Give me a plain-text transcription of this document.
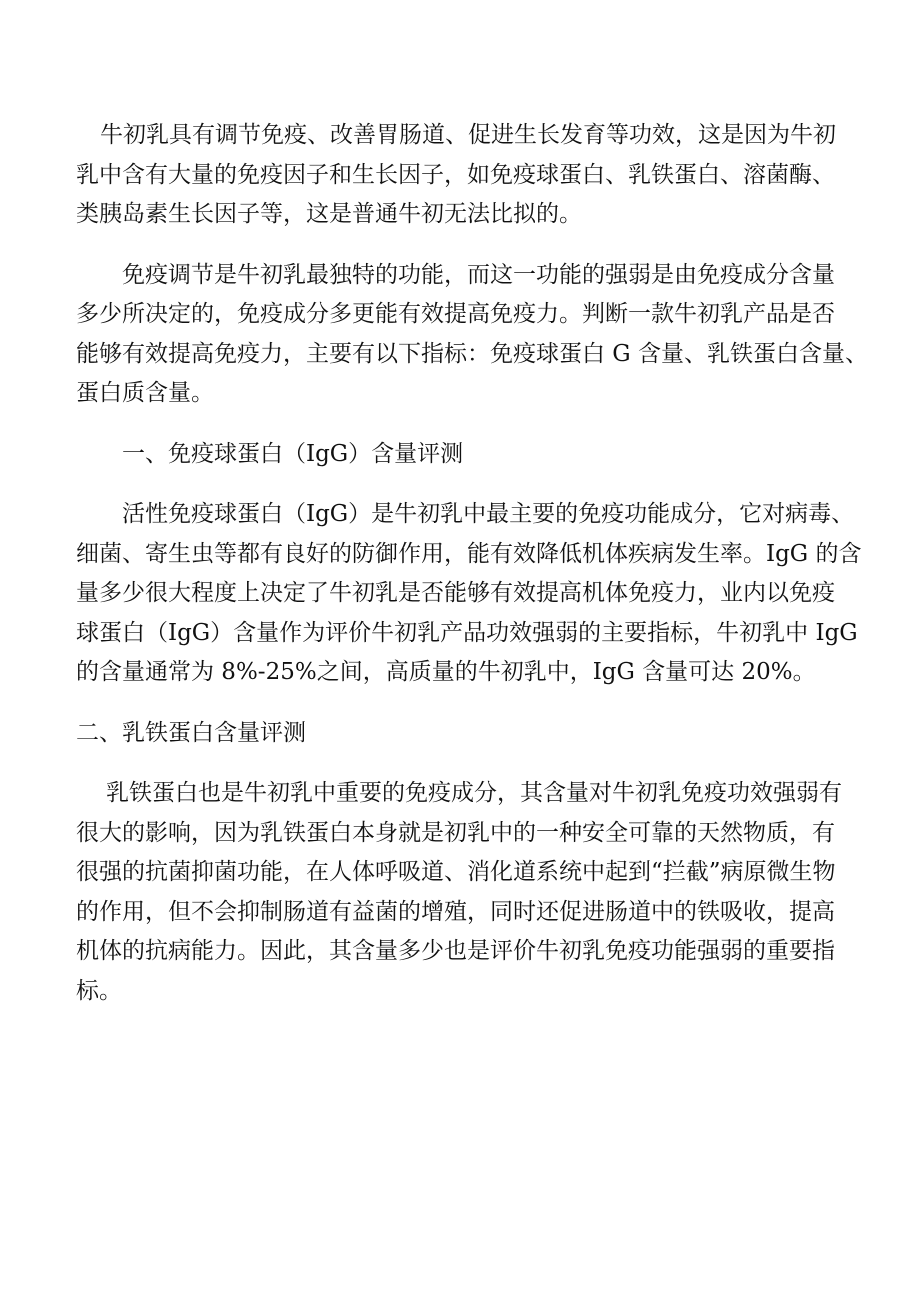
牛初乳具有调节免疫、改善胃肠道、促进生长发育等功效，这是因为牛初
乳中含有大量的免疫因子和生长因子，如免疫球蛋白、乳铁蛋白、溶菌酶、
类胰岛素生长因子等，这是普通牛初无法比拟的。
免疫调节是牛初乳最独特的功能，而这一功能的强弱是由免疫成分含量
多少所决定的，免疫成分多更能有效提高免疫力。判断一款牛初乳产品是否
能够有效提高免疫力，主要有以下指标：免疫球蛋白 G 含量、乳铁蛋白含量、
蛋白质含量。
一、免疫球蛋白（IgG）含量评测
活性免疫球蛋白（IgG）是牛初乳中最主要的免疫功能成分，它对病毒、
细菌、寄生虫等都有良好的防御作用，能有效降低机体疾病发生率。IgG 的含
量多少很大程度上决定了牛初乳是否能够有效提高机体免疫力，业内以免疫
球蛋白（IgG）含量作为评价牛初乳产品功效强弱的主要指标，牛初乳中 IgG
的含量通常为 8%-25%之间，高质量的牛初乳中，IgG 含量可达 20%。
二、乳铁蛋白含量评测
乳铁蛋白也是牛初乳中重要的免疫成分，其含量对牛初乳免疫功效强弱有
很大的影响，因为乳铁蛋白本身就是初乳中的一种安全可靠的天然物质，有
很强的抗菌抑菌功能，在人体呼吸道、消化道系统中起到“拦截”病原微生物
的作用，但不会抑制肠道有益菌的增殖，同时还促进肠道中的铁吸收，提高
机体的抗病能力。因此，其含量多少也是评价牛初乳免疫功能强弱的重要指
标。
